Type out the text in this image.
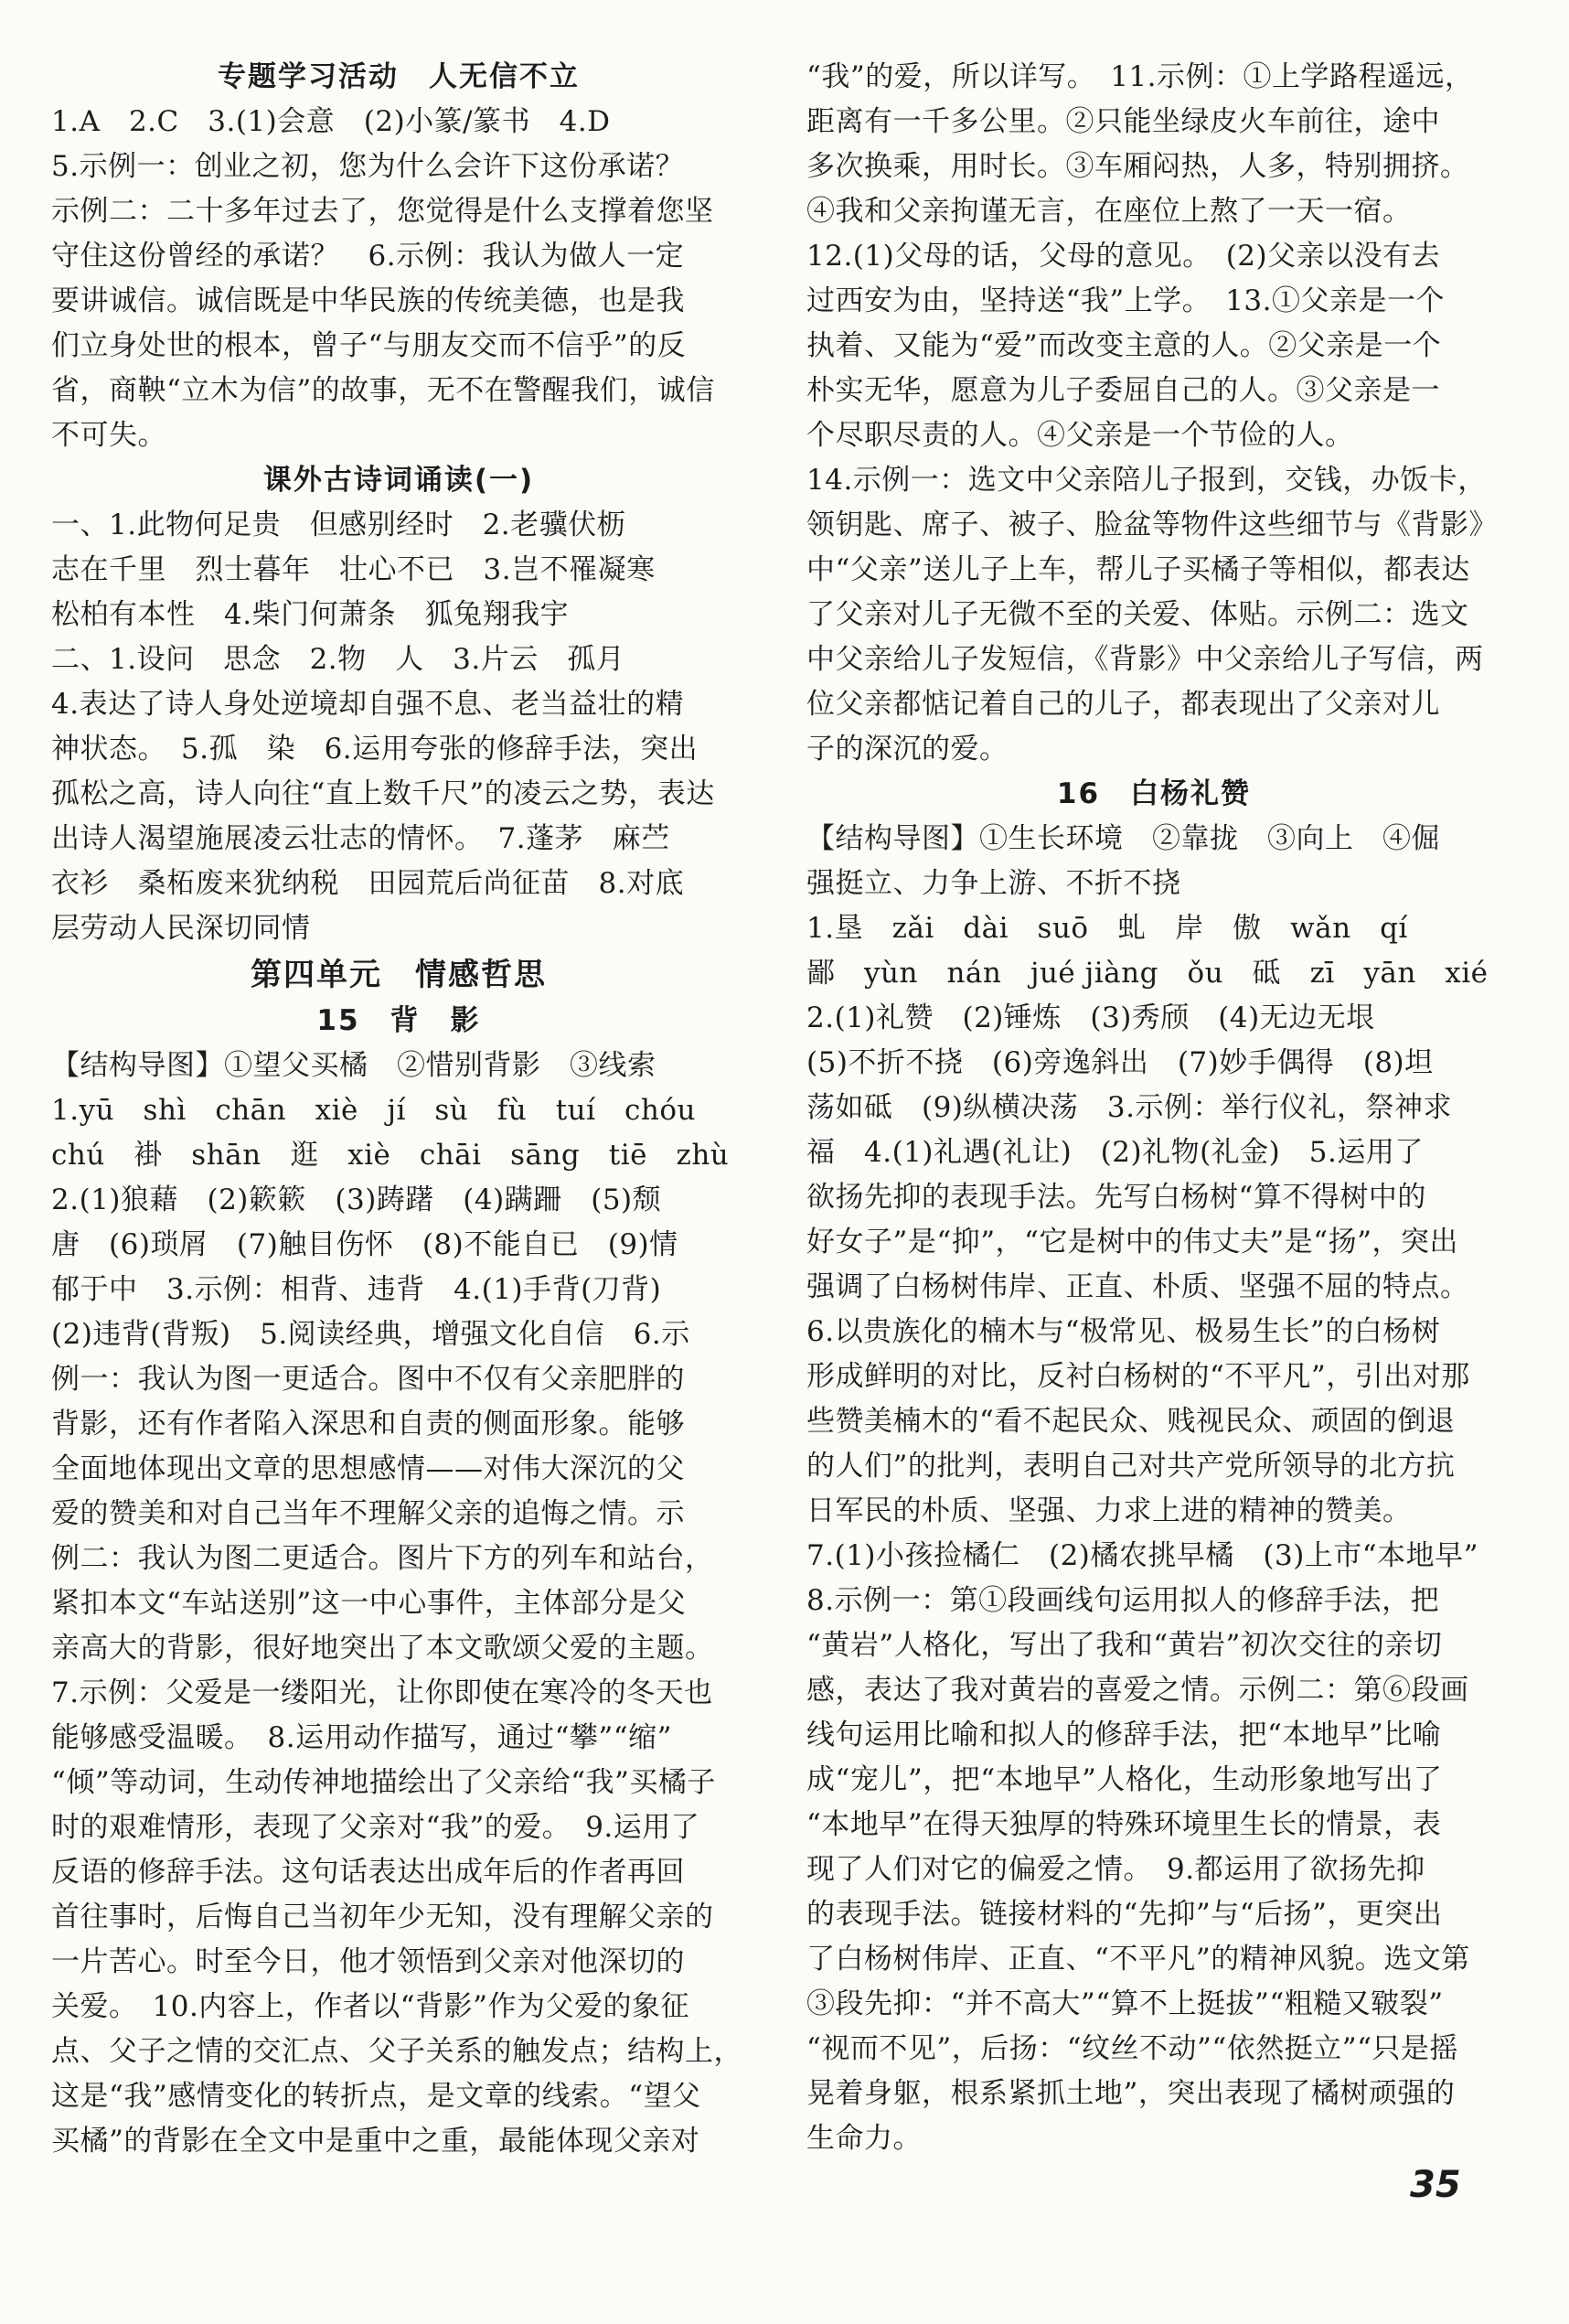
专题学习活动　人无信不立
1.A　2.C　3.(1)会意　(2)小篆/篆书　4.D
5.示例一：创业之初，您为什么会许下这份承诺？
示例二：二十多年过去了，您觉得是什么支撑着您坚
守住这份曾经的承诺？　6.示例：我认为做人一定
要讲诚信。诚信既是中华民族的传统美德，也是我
们立身处世的根本，曾子“与朋友交而不信乎”的反
省，商鞅“立木为信”的故事，无不在警醒我们，诚信
不可失。
课外古诗词诵读(一)
一、1.此物何足贵　但感别经时　2.老骥伏枥
志在千里　烈士暮年　壮心不已　3.岂不罹凝寒
松柏有本性　4.柴门何萧条　狐兔翔我宇
二、1.设问　思念　2.物　人　3.片云　孤月
4.表达了诗人身处逆境却自强不息、老当益壮的精
神状态。　5.孤　染　6.运用夸张的修辞手法，突出
孤松之高，诗人向往“直上数千尺”的凌云之势，表达
出诗人渴望施展凌云壮志的情怀。　7.蓬茅　麻苎
衣衫　桑柘废来犹纳税　田园荒后尚征苗　8.对底
层劳动人民深切同情
第四单元　情感哲思
15　背　影
【结构导图】①望父买橘　②惜别背影　③线索
1.yū　shì　chān　xiè　jí　sù　fù　tuí　chóu
chú　褂　shān　逛　xiè　chāi　sāng　tiē　zhù
2.(1)狼藉　(2)簌簌　(3)踌躇　(4)蹒跚　(5)颓
唐　(6)琐屑　(7)触目伤怀　(8)不能自已　(9)情
郁于中　3.示例：相背、违背　4.(1)手背(刀背)
(2)违背(背叛)　5.阅读经典，增强文化自信　6.示
例一：我认为图一更适合。图中不仅有父亲肥胖的
背影，还有作者陷入深思和自责的侧面形象。能够
全面地体现出文章的思想感情——对伟大深沉的父
爱的赞美和对自己当年不理解父亲的追悔之情。示
例二：我认为图二更适合。图片下方的列车和站台，
紧扣本文“车站送别”这一中心事件，主体部分是父
亲高大的背影，很好地突出了本文歌颂父爱的主题。
7.示例：父爱是一缕阳光，让你即使在寒冷的冬天也
能够感受温暖。　8.运用动作描写，通过“攀”“缩”
“倾”等动词，生动传神地描绘出了父亲给“我”买橘子
时的艰难情形，表现了父亲对“我”的爱。　9.运用了
反语的修辞手法。这句话表达出成年后的作者再回
首往事时，后悔自己当初年少无知，没有理解父亲的
一片苦心。时至今日，他才领悟到父亲对他深切的
关爱。　10.内容上，作者以“背影”作为父爱的象征
点、父子之情的交汇点、父子关系的触发点；结构上，
这是“我”感情变化的转折点，是文章的线索。“望父
买橘”的背影在全文中是重中之重，最能体现父亲对
“我”的爱，所以详写。　11.示例：①上学路程遥远，
距离有一千多公里。②只能坐绿皮火车前往，途中
多次换乘，用时长。③车厢闷热，人多，特别拥挤。
④我和父亲拘谨无言，在座位上熬了一天一宿。
12.(1)父母的话，父母的意见。　(2)父亲以没有去
过西安为由，坚持送“我”上学。　13.①父亲是一个
执着、又能为“爱”而改变主意的人。②父亲是一个
朴实无华，愿意为儿子委屈自己的人。③父亲是一
个尽职尽责的人。④父亲是一个节俭的人。
14.示例一：选文中父亲陪儿子报到，交钱，办饭卡，
领钥匙、席子、被子、脸盆等物件这些细节与《背影》
中“父亲”送儿子上车，帮儿子买橘子等相似，都表达
了父亲对儿子无微不至的关爱、体贴。示例二：选文
中父亲给儿子发短信，《背影》中父亲给儿子写信，两
位父亲都惦记着自己的儿子，都表现出了父亲对儿
子的深沉的爱。
16　白杨礼赞
【结构导图】①生长环境　②靠拢　③向上　④倔
强挺立、力争上游、不折不挠
1.垦　zǎi　dài　suō　虬　岸　傲　wǎn　qí
鄙　yùn　nán　jué jiàng　ǒu　砥　zī　yān　xié
2.(1)礼赞　(2)锤炼　(3)秀颀　(4)无边无垠
(5)不折不挠　(6)旁逸斜出　(7)妙手偶得　(8)坦
荡如砥　(9)纵横决荡　3.示例：举行仪礼，祭神求
福　4.(1)礼遇(礼让)　(2)礼物(礼金)　5.运用了
欲扬先抑的表现手法。先写白杨树“算不得树中的
好女子”是“抑”，“它是树中的伟丈夫”是“扬”，突出
强调了白杨树伟岸、正直、朴质、坚强不屈的特点。
6.以贵族化的楠木与“极常见、极易生长”的白杨树
形成鲜明的对比，反衬白杨树的“不平凡”，引出对那
些赞美楠木的“看不起民众、贱视民众、顽固的倒退
的人们”的批判，表明自己对共产党所领导的北方抗
日军民的朴质、坚强、力求上进的精神的赞美。
7.(1)小孩捡橘仁　(2)橘农挑早橘　(3)上市“本地早”
8.示例一：第①段画线句运用拟人的修辞手法，把
“黄岩”人格化，写出了我和“黄岩”初次交往的亲切
感，表达了我对黄岩的喜爱之情。示例二：第⑥段画
线句运用比喻和拟人的修辞手法，把“本地早”比喻
成“宠儿”，把“本地早”人格化，生动形象地写出了
“本地早”在得天独厚的特殊环境里生长的情景，表
现了人们对它的偏爱之情。　9.都运用了欲扬先抑
的表现手法。链接材料的“先抑”与“后扬”，更突出
了白杨树伟岸、正直、“不平凡”的精神风貌。选文第
③段先抑：“并不高大”“算不上挺拔”“粗糙又皲裂”
“视而不见”，后扬：“纹丝不动”“依然挺立”“只是摇
晃着身躯，根系紧抓土地”，突出表现了橘树顽强的
生命力。
35
